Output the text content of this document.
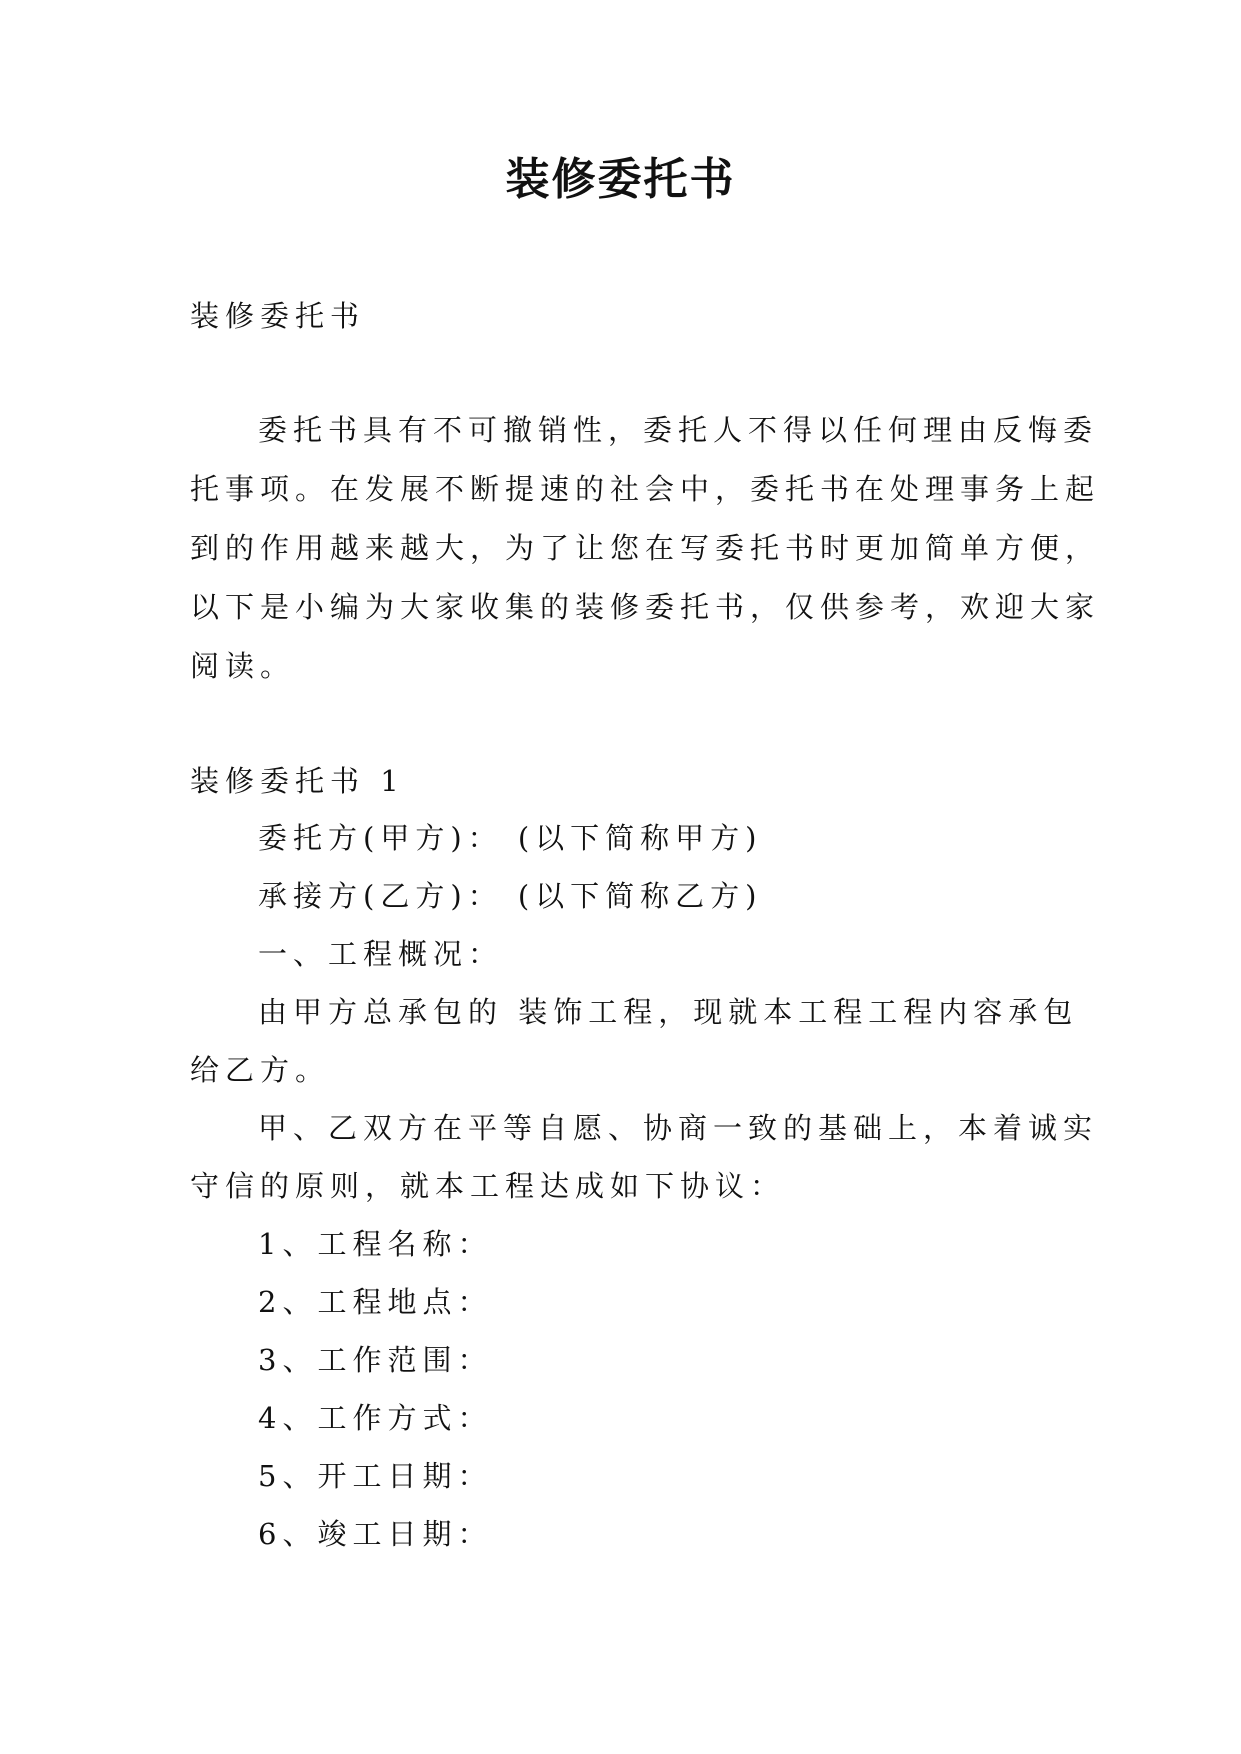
装修委托书
装修委托书
委托书具有不可撤销性，委托人不得以任何理由反悔委
托事项。在发展不断提速的社会中，委托书在处理事务上起
到的作用越来越大，为了让您在写委托书时更加简单方便，
以下是小编为大家收集的装修委托书，仅供参考，欢迎大家
阅读。
装修委托书 1
委托方(甲方)： (以下简称甲方)
承接方(乙方)： (以下简称乙方)
一、工程概况：
由甲方总承包的 装饰工程，现就本工程工程内容承包
给乙方。
甲、乙双方在平等自愿、协商一致的基础上，本着诚实
守信的原则，就本工程达成如下协议：
1、工程名称：
2、工程地点：
3、工作范围：
4、工作方式：
5、开工日期：
6、竣工日期：
